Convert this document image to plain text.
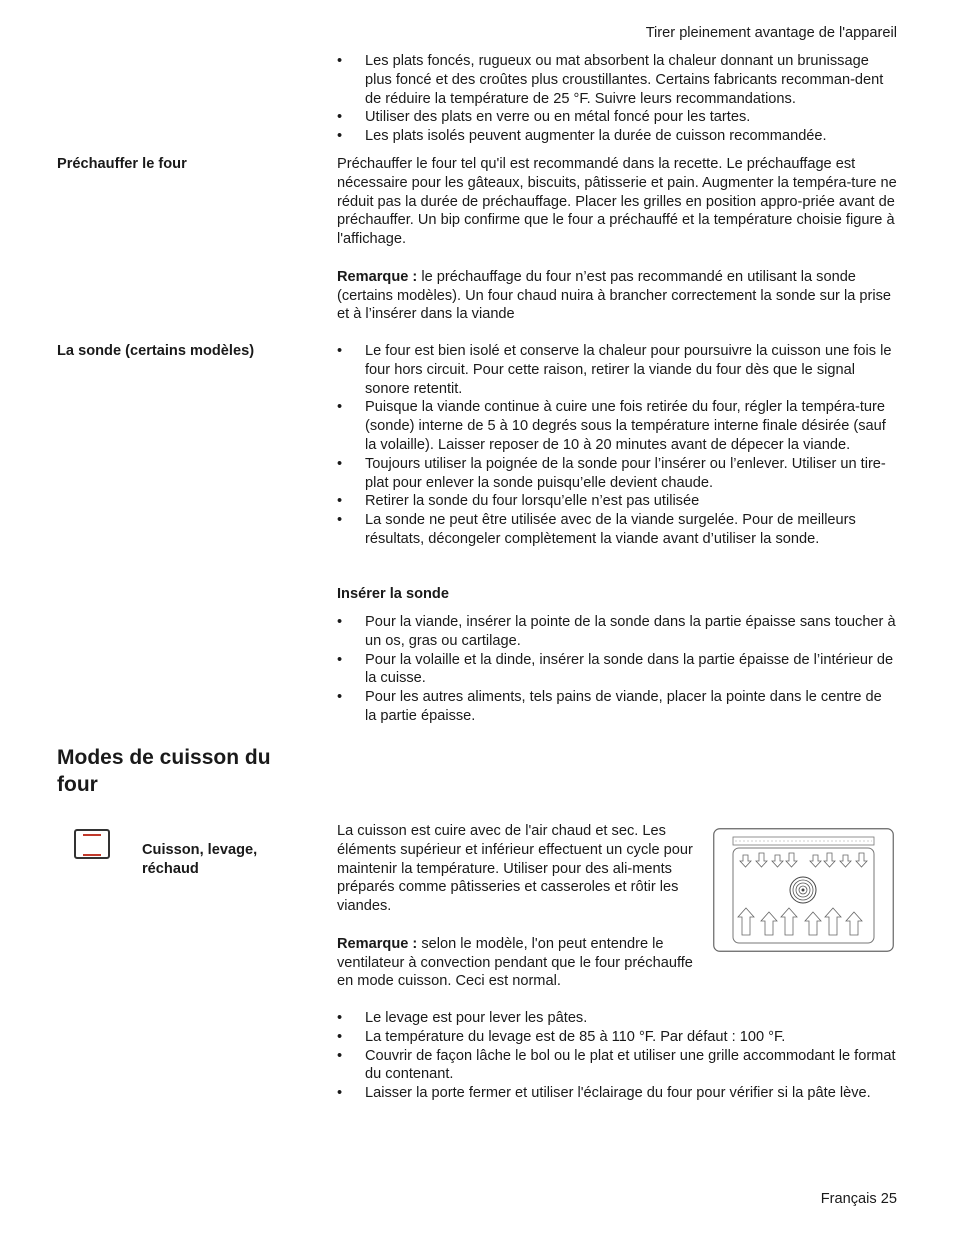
Tirer pleinement avantage de l'appareil
• Les plats foncés, rugueux ou mat absorbent la chaleur donnant un brunissage plus foncé et des croûtes plus croustillantes. Certains fabricants recomman-dent de réduire la température de 25 °F. Suivre leurs recommandations.
• Utiliser des plats en verre ou en métal foncé pour les tartes.
• Les plats isolés peuvent augmenter la durée de cuisson recommandée.
Préchauffer le four	Préchauffer le four tel qu'il est recommandé dans la recette. Le préchauffage est nécessaire pour les gâteaux, biscuits, pâtisserie et pain. Augmenter la tempéra-ture ne réduit pas la durée de préchauffage. Placer les grilles en position appro-priée avant de préchauffer. Un bip confirme que le four a préchauffé et la température choisie figure à l'affichage.

Remarque : le préchauffage du four n’est pas recommandé en utilisant la sonde (certains modèles). Un four chaud nuira à brancher correctement la sonde sur la prise et à l’insérer dans la viande

La sonde (certains modèles)
•	Le four est bien isolé et conserve la chaleur pour poursuivre la cuisson une fois le four hors circuit. Pour cette raison, retirer la viande du four dès que le signal sonore retentit.
• Puisque la viande continue à cuire une fois retirée du four, régler la tempéra-ture (sonde) interne de 5 à 10 degrés sous la température interne finale désirée (sauf la volaille). Laisser reposer de 10 à 20 minutes avant de dépecer la viande.
• Toujours utiliser la poignée de la sonde pour l’insérer ou l’enlever. Utiliser un tire-plat pour enlever la sonde puisqu’elle devient chaude.
• Retirer la sonde du four lorsqu’elle n’est pas utilisée
• La sonde ne peut être utilisée avec de la viande surgelée. Pour de meilleurs résultats, décongeler complètement la viande avant d’utiliser la sonde.
Insérer la sonde
• Pour la viande, insérer la pointe de la sonde dans la partie épaisse sans toucher à un os, gras ou cartilage.
• Pour la volaille et la dinde, insérer la sonde dans la partie épaisse de l’intérieur de la cuisse.
• Pour les autres aliments, tels pains de viande, placer la pointe dans le centre de la partie épaisse.
Modes de cuisson du four
Cuisson, levage, réchaud

La cuisson est cuire avec de l'air chaud et sec. Les éléments supérieur et inférieur effectuent un cycle pour maintenir la température. Utiliser pour des ali-ments préparés comme pâtisseries et casseroles et rôtir les viandes.

Remarque : selon le modèle, l'on peut entendre le ventilateur à convection pendant que le four préchauffe en mode cuisson. Ceci est normal.

• Le levage est pour lever les pâtes.
• La température du levage est de 85 à 110 °F. Par défaut : 100 °F.
• Couvrir de façon lâche le bol ou le plat et utiliser une grille accommodant le format du contenant.
• Laisser la porte fermer et utiliser l'éclairage du four pour vérifier si la pâte lève.
Français 25
